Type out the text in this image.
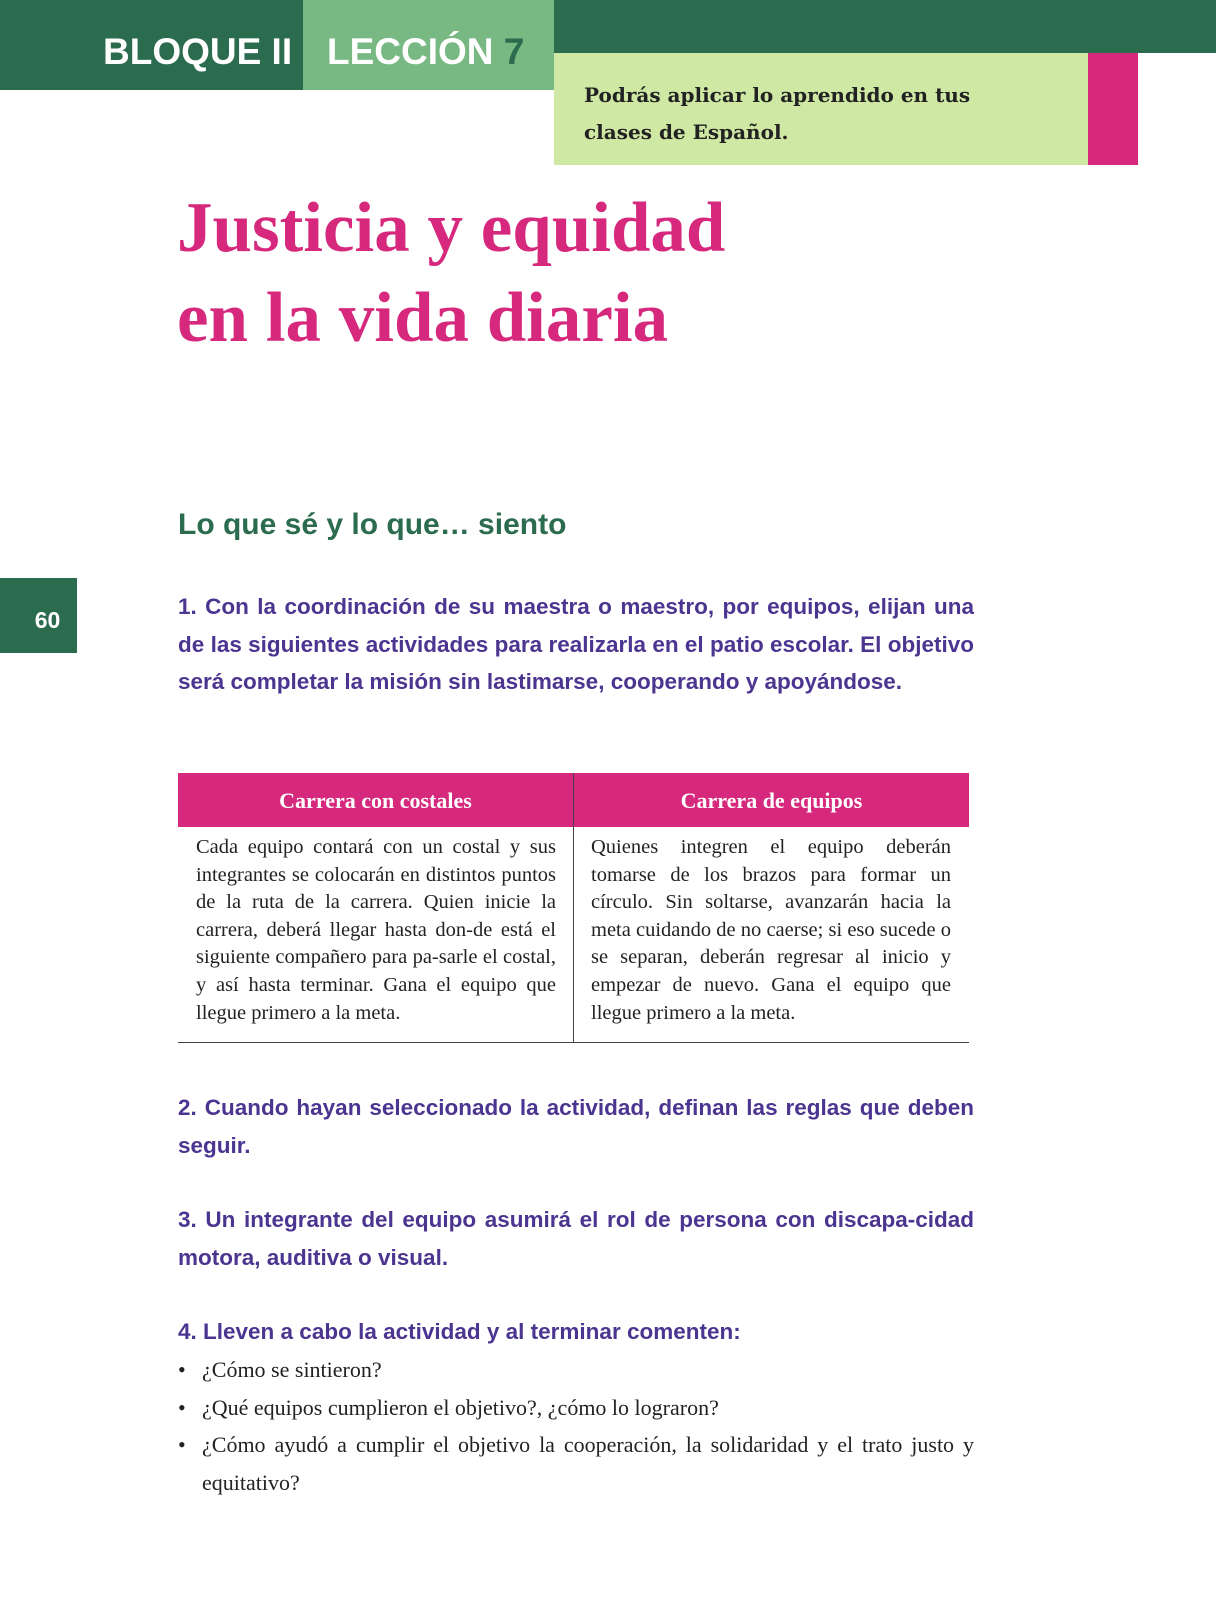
BLOQUE II LECCIÓN 7
Podrás aplicar lo aprendido en tus clases de Español.
Justicia y equidad
en la vida diaria
Lo que sé y lo que… siento
60

1. Con la coordinación de su maestra o maestro, por equipos, elijan una de las siguientes actividades para realizarla en el patio escolar. El objetivo será completar la misión sin lastimarse, cooperando y apoyándose.

Carrera con costales	Carrera de equipos

Cada equipo contará con un costal y sus integrantes se colocarán en distintos puntos de la ruta de la carrera. Quien inicie la carrera, deberá llegar hasta don-de está el siguiente compañero para pa-sarle el costal, y así hasta terminar. Gana el equipo que llegue primero a la meta.

Quienes integren el equipo deberán tomarse de los brazos para formar un círculo. Sin soltarse, avanzarán hacia la meta cuidando de no caerse; si eso sucede o se separan, deberán regresar al inicio y empezar de nuevo. Gana el equipo que llegue primero a la meta.

2. Cuando hayan seleccionado la actividad, definan las reglas que deben seguir.

3. Un integrante del equipo asumirá el rol de persona con discapa-cidad motora, auditiva o visual.

4. Lleven a cabo la actividad y al terminar comenten:

• ¿Cómo se sintieron?
• ¿Qué equipos cumplieron el objetivo?, ¿cómo lo lograron?
• ¿Cómo ayudó a cumplir el objetivo la cooperación, la solidaridad y el trato justo y equitativo?
